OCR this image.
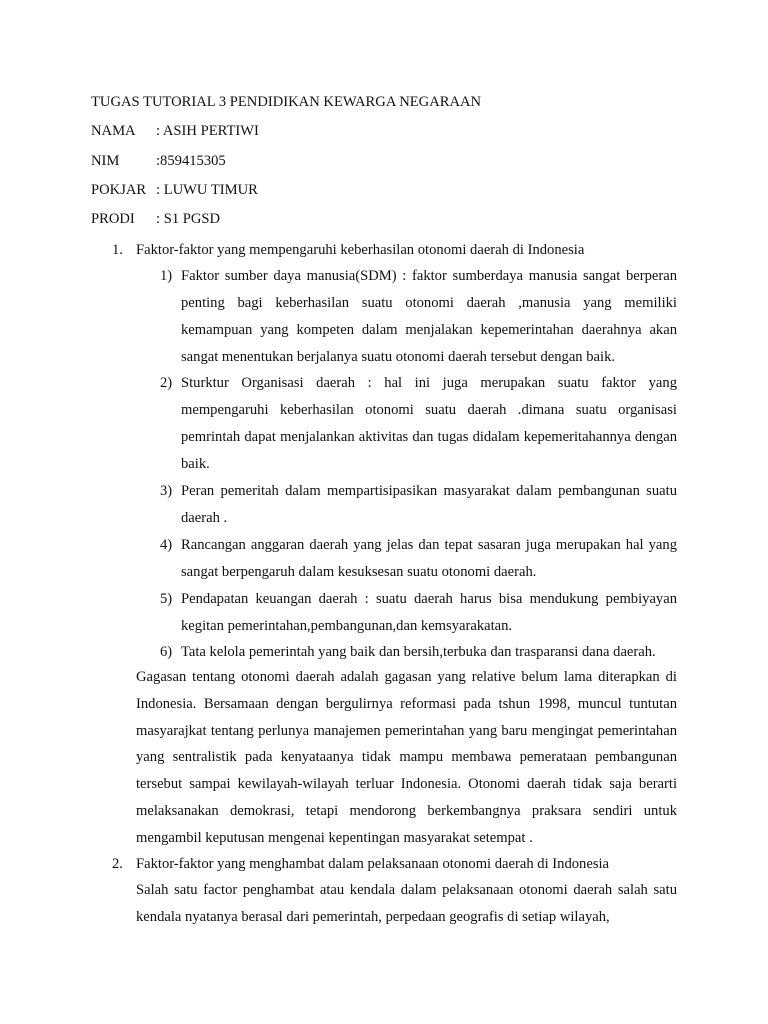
TUGAS TUTORIAL 3 PENDIDIKAN KEWARGA NEGARAAN
NAMA : ASIH PERTIWI
NIM	:859415305
POKJAR : LUWU TIMUR
PRODI : S1 PGSD
1. Faktor-faktor yang mempengaruhi keberhasilan otonomi daerah di Indonesia
1) Faktor sumber daya manusia(SDM) : faktor sumberdaya manusia sangat berperan penting bagi keberhasilan suatu otonomi daerah ,manusia yang memiliki kemampuan yang kompeten dalam menjalakan kepemerintahan daerahnya akan sangat menentukan berjalanya suatu otonomi daerah tersebut dengan baik.
2) Sturktur Organisasi daerah : hal ini juga merupakan suatu faktor yang mempengaruhi keberhasilan otonomi suatu daerah .dimana suatu organisasi pemrintah dapat menjalankan aktivitas dan tugas didalam kepemeritahannya dengan baik.
3) Peran pemeritah dalam mempartisipasikan masyarakat dalam pembangunan suatu daerah .
4) Rancangan anggaran daerah yang jelas dan tepat sasaran juga merupakan hal yang sangat berpengaruh dalam kesuksesan suatu otonomi daerah.
5) Pendapatan keuangan daerah : suatu daerah harus bisa mendukung pembiyayan kegitan pemerintahan,pembangunan,dan kemsyarakatan.
6) Tata kelola pemerintah yang baik dan bersih,terbuka dan trasparansi dana daerah.
Gagasan tentang otonomi daerah adalah gagasan yang relative belum lama diterapkan di Indonesia. Bersamaan dengan bergulirnya reformasi pada tshun 1998, muncul tuntutan masyarajkat tentang perlunya manajemen pemerintahan yang baru mengingat pemerintahan yang sentralistik pada kenyataanya tidak mampu membawa pemerataan pembangunan tersebut sampai kewilayah-wilayah terluar Indonesia. Otonomi daerah tidak saja berarti melaksanakan demokrasi, tetapi mendorong berkembangnya praksara sendiri untuk mengambil keputusan mengenai kepentingan masyarakat setempat .
2. Faktor-faktor yang menghambat dalam pelaksanaan otonomi daerah di Indonesia
Salah satu factor penghambat atau kendala dalam pelaksanaan otonomi daerah salah satu kendala nyatanya berasal dari pemerintah, perpedaan geografis di setiap wilayah,
